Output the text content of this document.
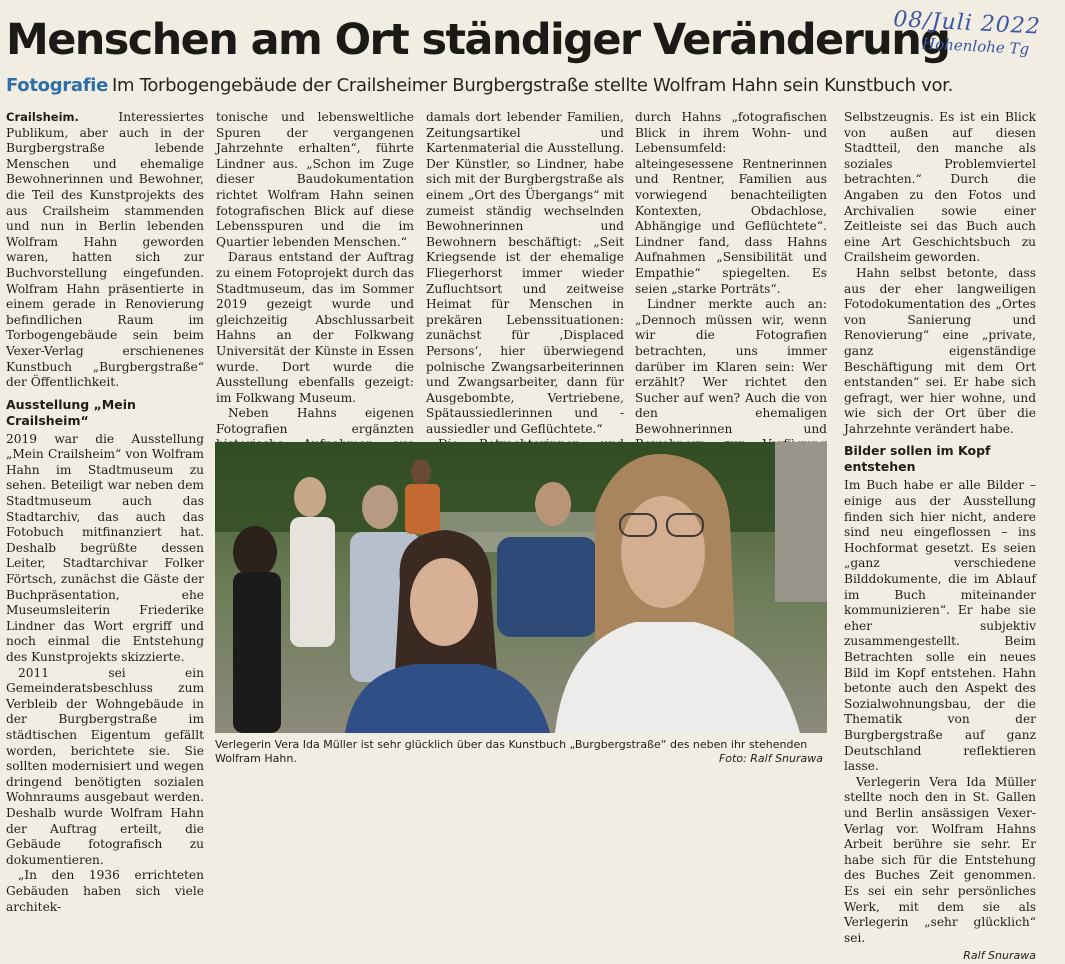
Menschen am Ort ständiger Veränderung
08/Juli 2022
Hohenlohe Tg
Fotografie Im Torbogengebäude der Crailsheimer Burgbergstraße stellte Wolfram Hahn sein Kunstbuch vor.

Crailsheim.	Interessiertes Publikum, aber auch in der Burgbergstraße lebende Menschen und ehemalige Bewohnerinnen und Bewohner, die Teil des Kunstprojekts des aus Crailsheim stammenden und nun in Berlin lebenden Wolfram Hahn geworden waren, hatten sich zur Buchvorstellung eingefunden. Wolfram Hahn präsentierte in einem gerade in Renovierung befindlichen Raum im Torbogengebäude sein beim Vexer-Verlag erschienenes Kunstbuch „Burgbergstraße“ der Öffentlichkeit.

Ausstellung „Mein Crailsheim“

2019 war die Ausstellung „Mein Crailsheim“ von Wolfram Hahn im Stadtmuseum zu sehen. Beteiligt war neben dem Stadtmuseum auch das Stadtarchiv, das auch das Fotobuch mitfinanziert hat. Deshalb begrüßte dessen Leiter, Stadtarchivar Folker Förtsch, zunächst die Gäste der Buchpräsentation, ehe Museumsleiterin Friederike Lindner das Wort ergriff und noch einmal die Entstehung des Kunstprojekts skizzierte.

2011 sei ein Gemeinderatsbeschluss zum Verbleib der Wohngebäude in der Burgbergstraße im städtischen Eigentum gefällt worden, berichtete sie. Sie sollten modernisiert und wegen dringend benötigten sozialen Wohnraums ausgebaut werden. Deshalb wurde Wolfram Hahn der Auftrag erteilt, die Gebäude fotografisch zu dokumentieren.

„In den 1936 errichteten Gebäuden haben sich viele architek-

tonische und lebensweltliche Spuren der vergangenen Jahrzehnte erhalten“, führte Lindner aus. „Schon im Zuge dieser Baudokumentation richtet Wolfram Hahn seinen fotografischen Blick auf diese Lebensspuren und die im Quartier lebenden Menschen.“

Daraus entstand der Auftrag zu einem Fotoprojekt durch das Stadtmuseum, das im Sommer 2019 gezeigt wurde und gleichzeitig Abschlussarbeit Hahns an der Folkwang Universität der Künste in Essen wurde. Dort wurde die Ausstellung ebenfalls gezeigt: im Folkwang Museum.

Neben Hahns eigenen Fotografien ergänzten

damals dort lebender Familien, Zeitungsartikel und Kartenmaterial die Ausstellung. Der Künstler, so Lindner, habe sich mit der Burgbergstraße als einem „Ort des Übergangs“ mit zumeist ständig wechselnden Bewohnerinnen und Bewohnern beschäftigt: „Seit Kriegsende ist der ehemalige Fliegerhorst immer wieder Zufluchtsort und zeitweise Heimat für Menschen in prekären Lebenssituationen: zunächst für ‚Displaced Persons‘, hier überwiegend polnische Zwangsarbeiterinnen und Zwangsarbeiter, dann für Ausgebombte, Vertriebene, Spätaussiedlerinnen und -aussiedler und Geflüchtete.“

durch Hahns „fotografischen Blick in ihrem Wohn- und Lebensumfeld: alteingesessene Rentnerinnen und Rentner, Familien aus vorwiegend benachteiligten Kontexten, Obdachlose, Abhängige und Geflüchtete“. Lindner fand, dass Hahns Aufnahmen „Sensibilität und Empathie“ spiegelten. Es seien „starke Porträts“.

Lindner merkte auch an: „Dennoch müssen wir, wenn wir die Fotografien betrachten, uns immer darüber im Klaren sein: Wer erzählt? Wer richtet den Sucher auf wen? Auch die von den ehemaligen Bewohnerinnen und

Selbstzeugnis. Es ist ein Blick von außen auf diesen Stadtteil, den manche als soziales Problemviertel betrachten.“ Durch die Angaben zu den Fotos und Archivalien sowie einer Zeitleiste sei das Buch auch eine Art Geschichtsbuch zu Crailsheim geworden.

Hahn selbst betonte, dass aus der eher langweiligen Fotodokumentation des „Ortes von Sanierung und Renovierung“ eine „private, ganz eigenständige Beschäftigung mit dem Ort entstanden“ sei. Er habe sich gefragt, wer hier wohne, und wie sich der Ort über die Jahrzehnte verändert habe.

Bilder sollen im Kopf entstehen

Im Buch habe er alle Bilder – einige aus der Ausstellung finden sich hier nicht, andere sind neu eingeflossen – ins Hochformat gesetzt. Es seien „ganz verschiedene Bilddokumente, die im Ablauf im Buch miteinander kommunizieren“. Er habe sie eher subjektiv zusammengestellt. Beim Betrachten solle ein neues Bild im Kopf entstehen. Hahn betonte auch den Aspekt des Sozialwohnungsbau, der die Thematik von der Burgbergstraße auf ganz Deutschland reflektieren lasse.

Verlegerin Vera Ida Müller stellte noch den in St. Gallen und Berlin ansässigen Vexer-Verlag vor. Wolfram Hahns Arbeit berühre sie sehr. Er habe sich für die Entstehung des Buches Zeit genommen. Es sei ein sehr persönliches Werk, mit dem sie als Verlegerin „sehr glücklich“ sei.

Ralf Snurawa
Verlegerin Vera Ida Müller ist sehr glücklich über das Kunstbuch „Burgbergstraße“ des neben ihr stehenden Wolfram Hahn.	Foto: Ralf Snurawa
